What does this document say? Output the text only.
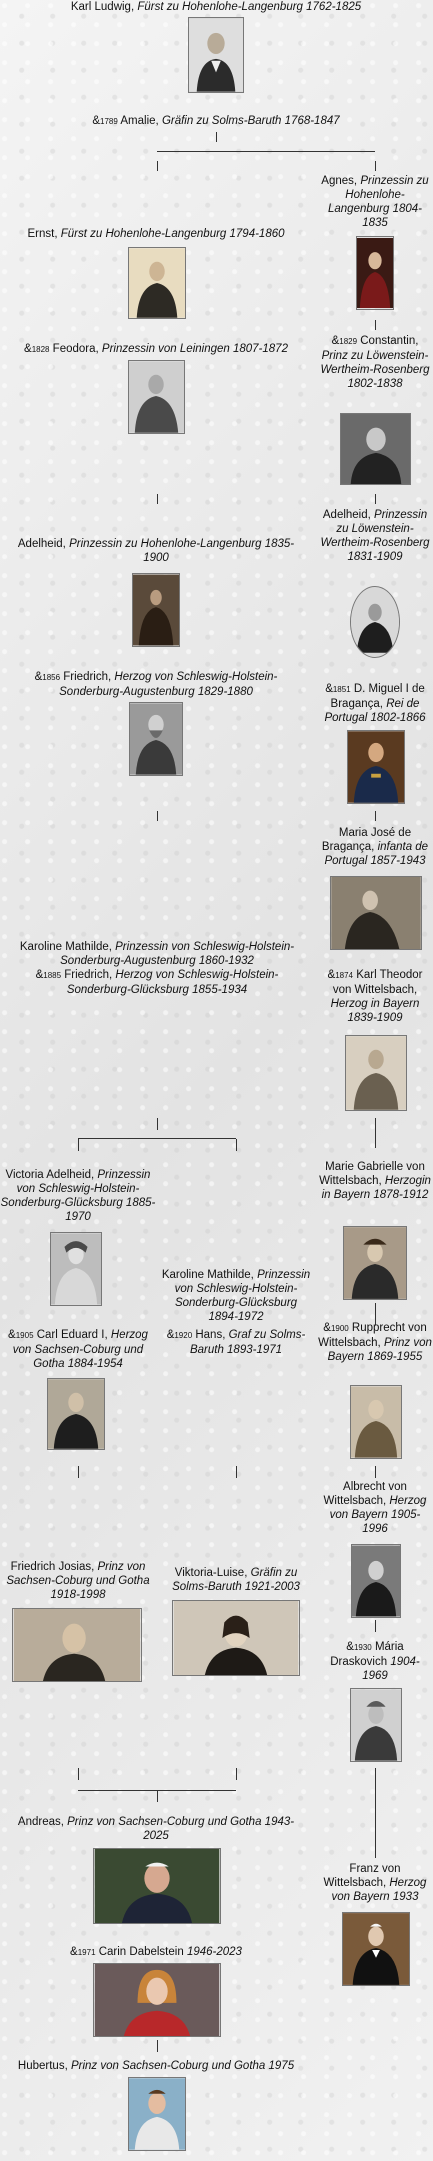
Karl Ludwig, Fürst zu Hohenlohe-Langenburg 1762-1825
&1789 Amalie, Gräfin zu Solms-Baruth 1768-1847
Agnes, Prinzessin zu Hohenlohe-Langenburg 1804-1835
Ernst, Fürst zu Hohenlohe-Langenburg 1794-1860
&1828 Feodora, Prinzessin von Leiningen 1807-1872
&1829 Constantin, Prinz zu Löwenstein-Wertheim-Rosenberg 1802-1838
Adelheid, Prinzessin zu Löwenstein-Wertheim-Rosenberg 1831-1909
Adelheid, Prinzessin zu Hohenlohe-Langenburg 1835-1900
&1856 Friedrich, Herzog von Schleswig-Holstein-Sonderburg-Augustenburg 1829-1880	&1851 D. Miguel I de Bragança, Rei de Portugal 1802-1866
Maria José de Bragança, infanta de Portugal 1857-1943
Karoline Mathilde, Prinzessin von Schleswig-Holstein-Sonderburg-Augustenburg 1860-1932
&1885 Friedrich, Herzog von Schleswig-Holstein-Sonderburg-Glücksburg 1855-1934
&1874 Karl Theodor von Wittelsbach, Herzog in Bayern 1839-1909
Victoria Adelheid, Prinzessin von Schleswig-Holstein-Sonderburg-Glücksburg 1885-1970
Marie Gabrielle von Wittelsbach, Herzogin in Bayern 1878-1912
Karoline Mathilde, Prinzessin von Schleswig-Holstein-Sonderburg-Glücksburg 1894-1972
&1920 Hans, Graf zu Solms-Baruth 1893-1971
&1905 Carl Eduard I, Herzog von Sachsen-Coburg und Gotha 1884-1954
&1900 Rupprecht von Wittelsbach, Prinz von Bayern 1869-1955
Albrecht von Wittelsbach, Herzog von Bayern 1905-1996
Friedrich Josias, Prinz von Sachsen-Coburg und Gotha 1918-1998
Viktoria-Luise, Gräfin zu Solms-Baruth 1921-2003
&1930 Mária Draskovich 1904-1969
Andreas, Prinz von Sachsen-Coburg und Gotha 1943-2025
Franz von Wittelsbach, Herzog von Bayern 1933
&1971 Carin Dabelstein 1946-2023
Hubertus, Prinz von Sachsen-Coburg und Gotha 1975
